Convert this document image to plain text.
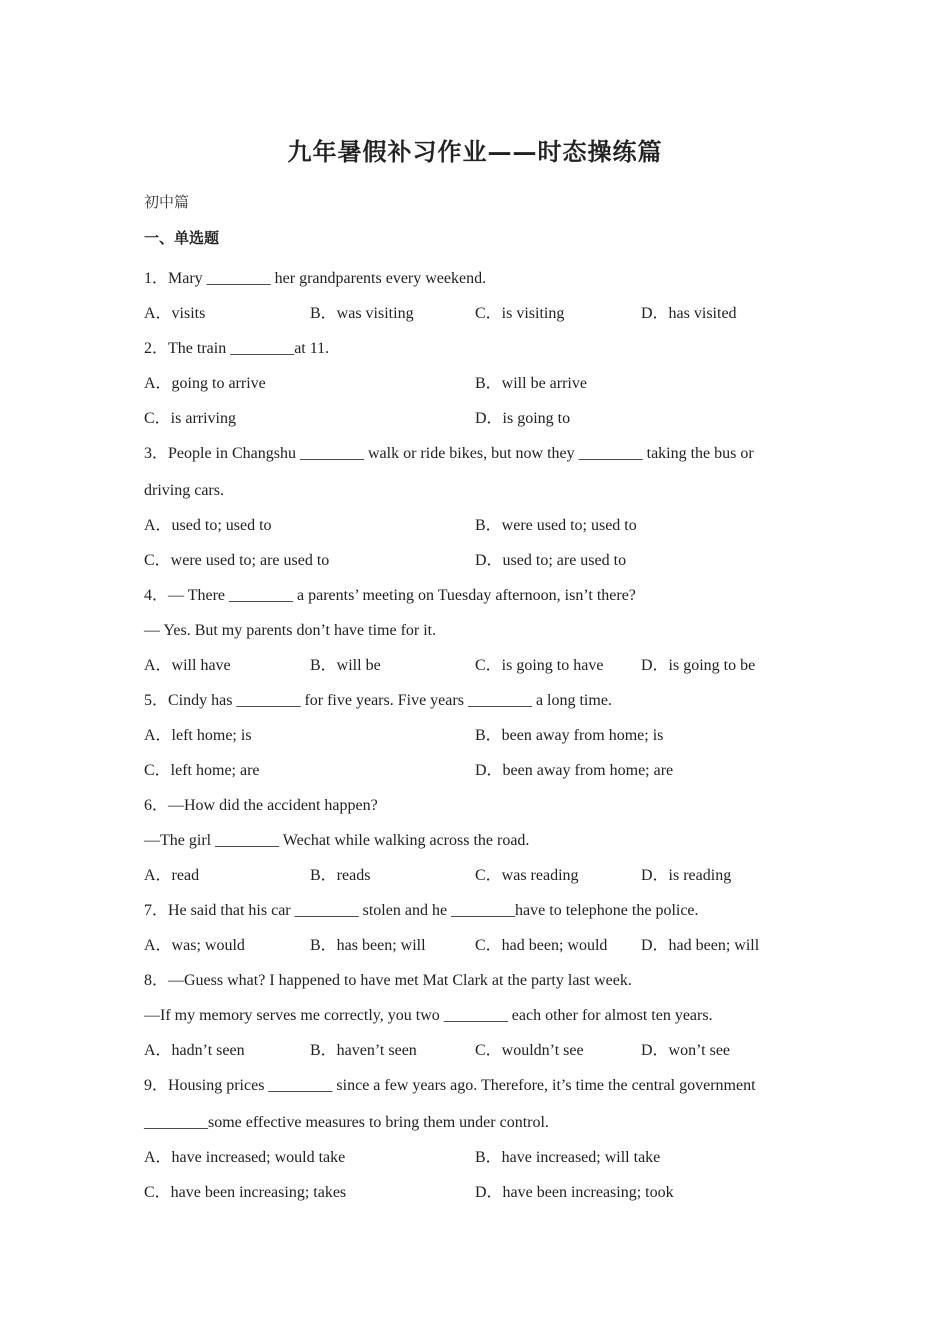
九年暑假补习作业——时态操练篇
初中篇
一、单选题
1．Mary ________ her grandparents every weekend.
A．visits	B．was visiting	C．is visiting	D．has visited
2．The train ________at 11.
A．going to arrive	B．will be arrive
C．is arriving	D．is going to
3．People in Changshu ________ walk or ride bikes, but now they ________ taking the bus or
driving cars.
A．used to; used to	B．were used to; used to
C．were used to; are used to	D．used to; are used to
4．— There ________ a parents’ meeting on Tuesday afternoon, isn’t there?
— Yes. But my parents don’t have time for it.
A．will have	B．will be	C．is going to have D．is going to be
5．Cindy has ________ for five years. Five years ________ a long time.
A．left home; is	B．been away from home; is
C．left home; are	D．been away from home; are
6．—How did the accident happen?
—The girl ________ Wechat while walking across the road.
A．read	B．reads	C．was reading	D．is reading
7．He said that his car ________ stolen and he ________have to telephone the police.
A．was; would	B．has been; will	C．had been; would D．had been; will
8．—Guess what? I happened to have met Mat Clark at the party last week.
—If my memory serves me correctly, you two ________ each other for almost ten years.
A．hadn’t seen	B．haven’t seen	C．wouldn’t see	D．won’t see
9．Housing prices ________ since a few years ago. Therefore, it’s time the central government
________some effective measures to bring them under control.
A．have increased; would take	B．have increased; will take
C．have been increasing; takes	D．have been increasing; took
